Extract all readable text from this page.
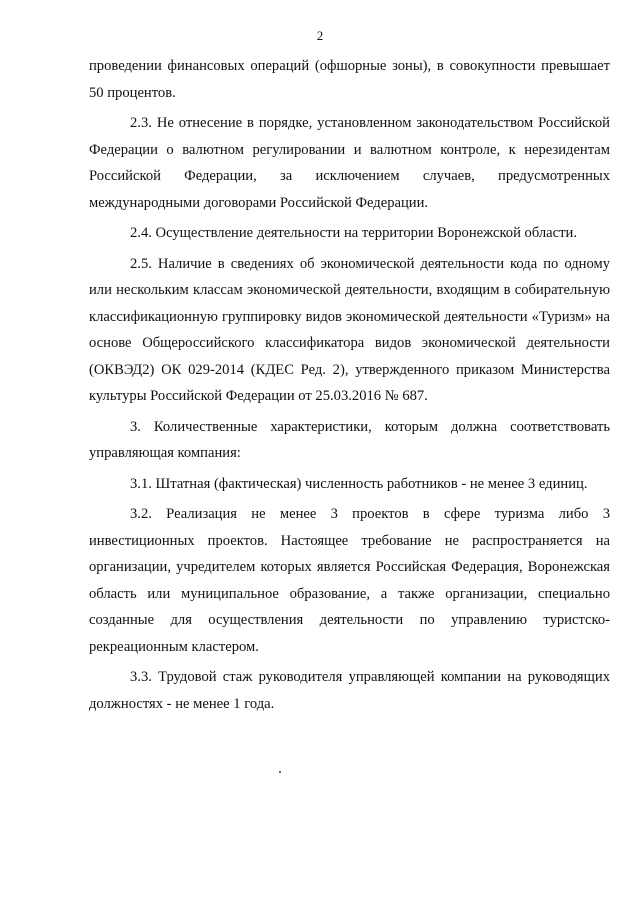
2

проведении финансовых операций (офшорные зоны), в совокупности превышает 50 процентов.

2.3. Не отнесение в порядке, установленном законодательством Российской Федерации о валютном регулировании и валютном контроле, к нерезидентам Российской Федерации, за исключением случаев, предусмотренных международными договорами Российской Федерации.

2.4. Осуществление деятельности на территории Воронежской области.

2.5. Наличие в сведениях об экономической деятельности кода по одному или нескольким классам экономической деятельности, входящим в собирательную классификационную группировку видов экономической деятельности «Туризм» на основе Общероссийского классификатора видов экономической деятельности (ОКВЭД2) ОК 029-2014 (КДЕС Ред. 2), утвержденного приказом Министерства культуры Российской Федерации от 25.03.2016 № 687.

3. Количественные характеристики, которым должна соответствовать управляющая компания:

3.1. Штатная (фактическая) численность работников - не менее 3 единиц.

3.2. Реализация не менее 3 проектов в сфере туризма либо 3 инвестиционных проектов. Настоящее требование не распространяется на организации, учредителем которых является Российская Федерация, Воронежская область или муниципальное образование, а также организации, специально созданные для осуществления деятельности по управлению туристско-рекреационным кластером.

3.3. Трудовой стаж руководителя управляющей компании на руководящих должностях - не менее 1 года.
